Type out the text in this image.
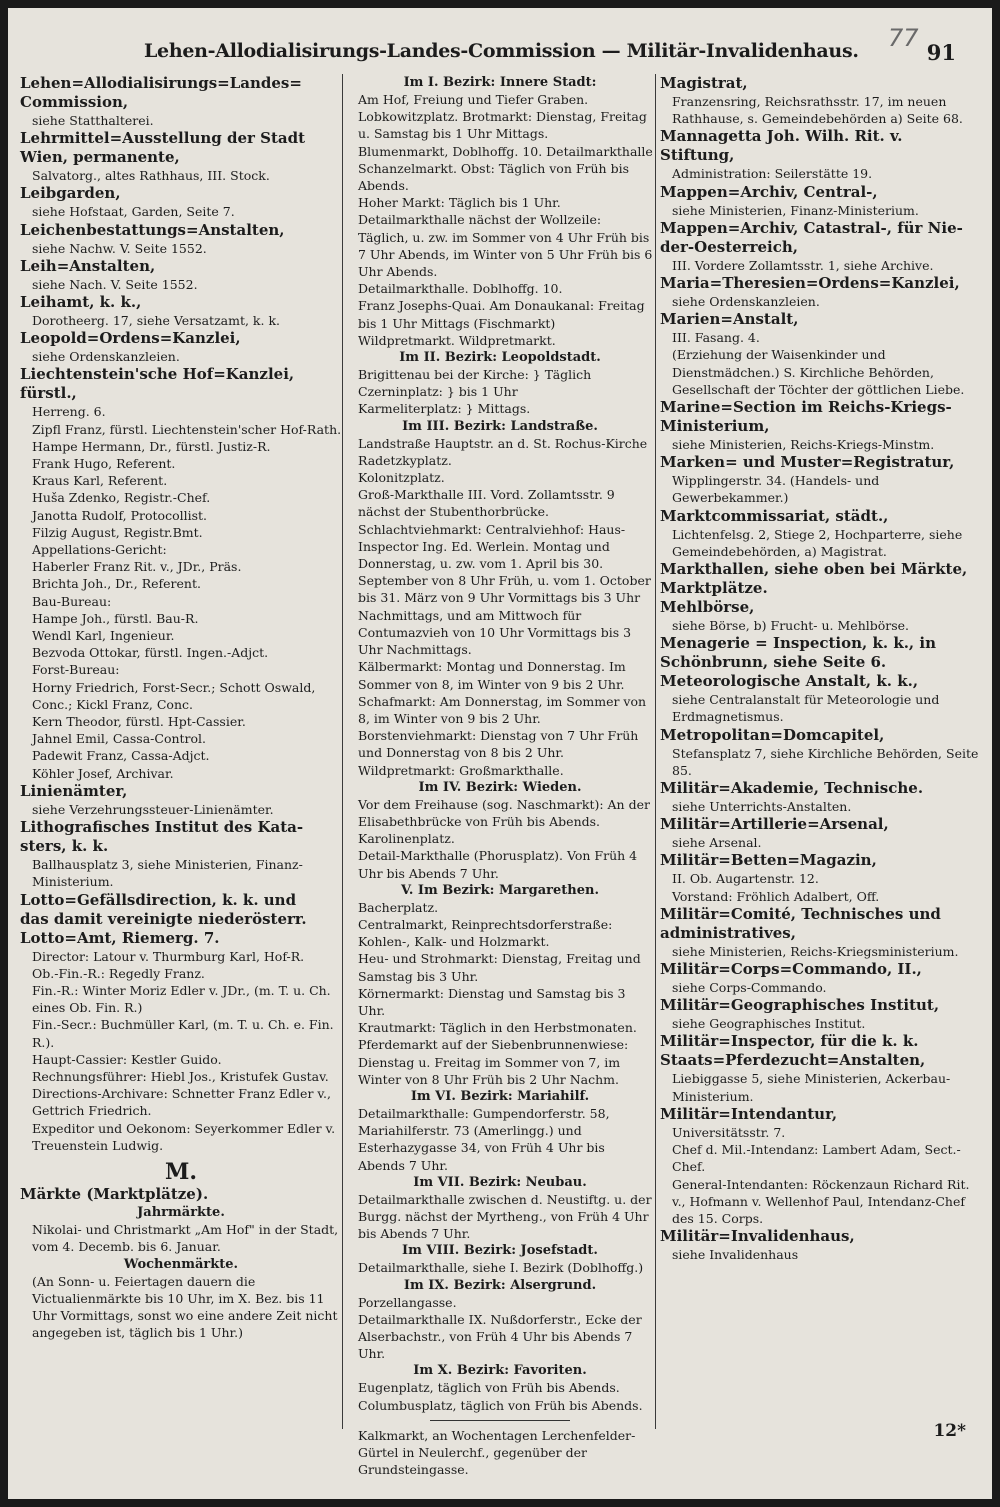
Lehen-Allodialisirungs-Landes-Commission — Militär-Invalidenhaus. 77
91

Lehen=Allodialisirungs=Landes=

Commission,

siehe Statthalterei.

Lehrmittel=Ausstellung der Stadt

Wien, permanente,

Salvatorg., altes Rathhaus, III. Stock.

Leibgarden,

siehe Hofstaat, Garden, Seite 7.

Leichenbestattungs=Anstalten,

siehe Nachw. V. Seite 1552.

Leih=Anstalten,

siehe Nach. V. Seite 1552.

Leihamt, k. k.,

Dorotheerg. 17, siehe Versatzamt, k. k.

Leopold=Ordens=Kanzlei,

siehe Ordenskanzleien.

Liechtenstein'sche Hof=Kanzlei, fürstl.,

Herreng. 6.

Zipfl Franz, fürstl. Liechtenstein'scher Hof-Rath.

Hampe Hermann, Dr., fürstl. Justiz-R.

Frank Hugo, Referent.

Kraus Karl, Referent.

Huša Zdenko, Registr.-Chef.

Janotta Rudolf, Protocollist.

Filzig August, Registr.Bmt.

Appellations-Gericht:

Haberler Franz Rit. v., JDr., Präs.

Brichta Joh., Dr., Referent.

Bau-Bureau:

Hampe Joh., fürstl. Bau-R.

Wendl Karl, Ingenieur.

Bezvoda Ottokar, fürstl. Ingen.-Adjct.

Forst-Bureau:

Horny Friedrich, Forst-Secr.; Schott Oswald, Conc.; Kickl Franz, Conc.

Kern Theodor, fürstl. Hpt-Cassier.

Jahnel Emil, Cassa-Control.

Padewit Franz, Cassa-Adjct.

Köhler Josef, Archivar.

Linienämter,

siehe Verzehrungssteuer-Linienämter.

Lithografisches Institut des Kata-

sters, k. k.

Ballhausplatz 3, siehe Ministerien, Finanz-Ministerium.

Lotto=Gefällsdirection, k. k. und

das damit vereinigte niederösterr.

Lotto=Amt, Riemerg. 7.

Director: Latour v. Thurmburg Karl, Hof-R.

Ob.-Fin.-R.: Regedly Franz.

Fin.-R.: Winter Moriz Edler v. JDr., (m. T. u. Ch. eines Ob. Fin. R.)

Fin.-Secr.: Buchmüller Karl, (m. T. u. Ch. e. Fin. R.).

Haupt-Cassier: Kestler Guido.

Rechnungsführer: Hiebl Jos., Kristufek Gustav.

Directions-Archivare: Schnetter Franz Edler v., Gettrich Friedrich.

Expeditor und Oekonom: Seyerkommer Edler v. Treuenstein Ludwig.

M.

Märkte (Marktplätze).

Jahrmärkte.

Nikolai- und Christmarkt „Am Hof" in der Stadt, vom 4. Decemb. bis 6. Januar.

Wochenmärkte.

(An Sonn- u. Feiertagen dauern die Victualienmärkte bis 10 Uhr, im X. Bez. bis 11 Uhr Vormittags, sonst wo eine andere Zeit nicht angegeben ist, täglich bis 1 Uhr.)

Im I. Bezirk: Innere Stadt:

Am Hof, Freiung und Tiefer Graben.

Lobkowitzplatz. Brotmarkt: Dienstag, Freitag u. Samstag bis 1 Uhr Mittags.

Blumenmarkt, Doblhoffg. 10. Detailmarkthalle

Schanzelmarkt. Obst: Täglich von Früh bis Abends.

Hoher Markt: Täglich bis 1 Uhr.

Detailmarkthalle nächst der Wollzeile: Täglich, u. zw. im Sommer von 4 Uhr Früh bis 7 Uhr Abends, im Winter von 5 Uhr Früh bis 6 Uhr Abends.

Detailmarkthalle. Doblhoffg. 10.

Franz Josephs-Quai. Am Donaukanal: Freitag bis 1 Uhr Mittags (Fischmarkt)

Wildpretmarkt. Wildpretmarkt.

Im II. Bezirk: Leopoldstadt.

Brigittenau bei der Kirche: } Täglich

Czerninplatz: } bis 1 Uhr

Karmeliterplatz: } Mittags.

Im III. Bezirk: Landstraße.

Landstraße Hauptstr. an d. St. Rochus-Kirche

Radetzkyplatz.

Kolonitzplatz.

Groß-Markthalle III. Vord. Zollamtsstr. 9 nächst der Stubenthorbrücke.

Schlachtviehmarkt: Centralviehhof: Haus-Inspector Ing. Ed. Werlein. Montag und Donnerstag, u. zw. vom 1. April bis 30. September von 8 Uhr Früh, u. vom 1. October bis 31. März von 9 Uhr Vormittags bis 3 Uhr Nachmittags, und am Mittwoch für Contumazvieh von 10 Uhr Vormittags bis 3 Uhr Nachmittags.

Kälbermarkt: Montag und Donnerstag. Im Sommer von 8, im Winter von 9 bis 2 Uhr.

Schafmarkt: Am Donnerstag, im Sommer von 8, im Winter von 9 bis 2 Uhr.

Borstenviehmarkt: Dienstag von 7 Uhr Früh und Donnerstag von 8 bis 2 Uhr.

Wildpretmarkt: Großmarkthalle.

Im IV. Bezirk: Wieden.

Vor dem Freihause (sog. Naschmarkt): An der Elisabethbrücke von Früh bis Abends.

Karolinenplatz.

Detail-Markthalle (Phorusplatz). Von Früh 4 Uhr bis Abends 7 Uhr.

V. Im Bezirk: Margarethen.

Bacherplatz.

Centralmarkt, Reinprechtsdorferstraße:

Kohlen-, Kalk- und Holzmarkt.

Heu- und Strohmarkt: Dienstag, Freitag und Samstag bis 3 Uhr.

Körnermarkt: Dienstag und Samstag bis 3 Uhr.

Krautmarkt: Täglich in den Herbstmonaten.

Pferdemarkt auf der Siebenbrunnenwiese: Dienstag u. Freitag im Sommer von 7, im Winter von 8 Uhr Früh bis 2 Uhr Nachm.

Im VI. Bezirk: Mariahilf.

Detailmarkthalle: Gumpendorferstr. 58, Mariahilferstr. 73 (Amerlingg.) und Esterhazygasse 34, von Früh 4 Uhr bis Abends 7 Uhr.

Im VII. Bezirk: Neubau.

Detailmarkthalle zwischen d. Neustiftg. u. der Burgg. nächst der Myrtheng., von Früh 4 Uhr bis Abends 7 Uhr.

Im VIII. Bezirk: Josefstadt.

Detailmarkthalle, siehe I. Bezirk (Doblhoffg.)

Im IX. Bezirk: Alsergrund.

Porzellangasse.

Detailmarkthalle IX. Nußdorferstr., Ecke der Alserbachstr., von Früh 4 Uhr bis Abends 7 Uhr.

Im X. Bezirk: Favoriten.

Eugenplatz, täglich von Früh bis Abends.

Columbusplatz, täglich von Früh bis Abends.

Kalkmarkt, an Wochentagen Lerchenfelder-Gürtel in Neulerchf., gegenüber der Grundsteingasse.

Magistrat,

Franzensring, Reichsrathsstr. 17, im neuen Rathhause, s. Gemeindebehörden a) Seite 68.

Mannagetta Joh. Wilh. Rit. v.

Stiftung,

Administration: Seilerstätte 19.

Mappen=Archiv, Central-,

siehe Ministerien, Finanz-Ministerium.

Mappen=Archiv, Catastral-, für Nie-

der-Oesterreich,

III. Vordere Zollamtsstr. 1, siehe Archive.

Maria=Theresien=Ordens=Kanzlei,

siehe Ordenskanzleien.

Marien=Anstalt,

III. Fasang. 4.

(Erziehung der Waisenkinder und Dienstmädchen.) S. Kirchliche Behörden, Gesellschaft der Töchter der göttlichen Liebe.

Marine=Section im Reichs-Kriegs-

Ministerium,

siehe Ministerien, Reichs-Kriegs-Minstm.

Marken= und Muster=Registratur,

Wipplingerstr. 34. (Handels- und Gewerbekammer.)

Marktcommissariat, städt.,

Lichtenfelsg. 2, Stiege 2, Hochparterre, siehe Gemeindebehörden, a) Magistrat.

Markthallen, siehe oben bei Märkte,

Marktplätze.

Mehlbörse,

siehe Börse, b) Frucht- u. Mehlbörse.

Menagerie = Inspection, k. k., in

Schönbrunn, siehe Seite 6.

Meteorologische Anstalt, k. k.,

siehe Centralanstalt für Meteorologie und Erdmagnetismus.

Metropolitan=Domcapitel,

Stefansplatz 7, siehe Kirchliche Behörden, Seite 85.

Militär=Akademie, Technische.

siehe Unterrichts-Anstalten.

Militär=Artillerie=Arsenal,

siehe Arsenal.

Militär=Betten=Magazin,

II. Ob. Augartenstr. 12.

Vorstand: Fröhlich Adalbert, Off.

Militär=Comité, Technisches und

administratives,

siehe Ministerien, Reichs-Kriegsministerium.

Militär=Corps=Commando, II.,

siehe Corps-Commando.

Militär=Geographisches Institut,

siehe Geographisches Institut.

Militär=Inspector, für die k. k.

Staats=Pferdezucht=Anstalten,

Liebiggasse 5, siehe Ministerien, Ackerbau-Ministerium.

Militär=Intendantur,

Universitätsstr. 7.

Chef d. Mil.-Intendanz: Lambert Adam, Sect.-Chef.

General-Intendanten: Röckenzaun Richard Rit. v., Hofmann v. Wellenhof Paul, Intendanz-Chef des 15. Corps.

Militär=Invalidenhaus,

siehe Invalidenhaus

12*
